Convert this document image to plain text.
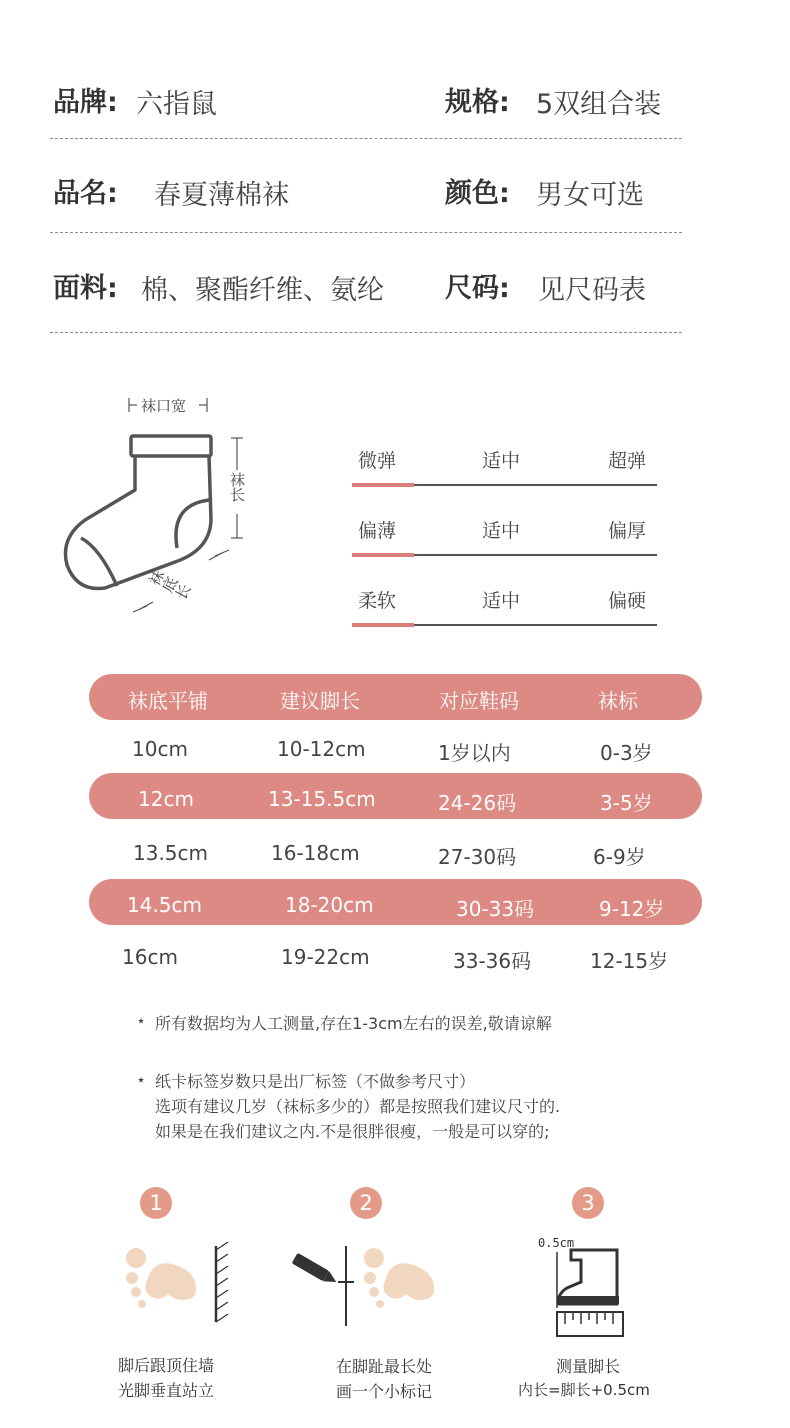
品牌: 六指鼠	规格: 5双组合装
品名: 春夏薄棉袜	颜色: 男女可选
面料: 棉、聚酯纤维、氨纶 尺码: 见尺码表
袜口宽
袜长
袜底长
微弹	适中	超弹
偏薄	适中	偏厚
柔软	适中	偏硬
袜底平铺	建议脚长	对应鞋码	袜标
10cm	10-12cm	1岁以内	0-3岁
12cm	13-15.5cm	24-26码	3-5岁
13.5cm	16-18cm	27-30码	6-9岁
14.5cm	18-20cm	30-33码	9-12岁
16cm	19-22cm	33-36码	12-15岁
⋆ 所有数据均为人工测量,存在1-3cm左右的误差,敬请谅解
⋆ 纸卡标签岁数只是出厂标签（不做参考尺寸）
选项有建议几岁（袜标多少的）都是按照我们建议尺寸的.
如果是在我们建议之内.不是很胖很瘦，一般是可以穿的;
1
脚后跟顶住墙
光脚垂直站立
2
在脚趾最长处
画一个小标记
3
0.5cm
测量脚长
内长=脚长+0.5cm
